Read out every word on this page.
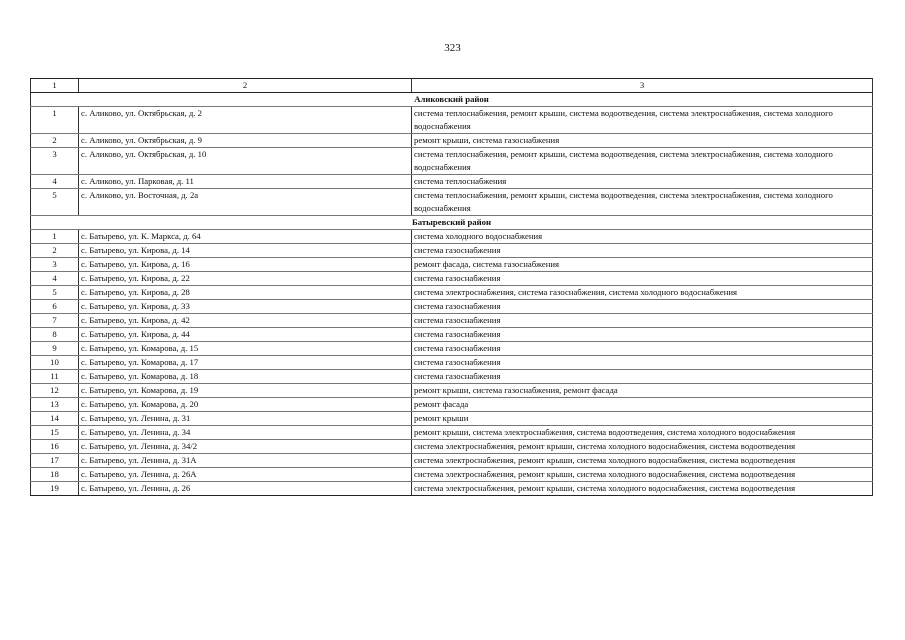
323
1	2	3
Аликовский район		
1	с. Аликово, ул. Октябрьская, д. 2	система теплоснабжения, ремонт крыши, система водоотведения, система электроснабжения, система холодного водоснабжения
2	с. Аликово, ул. Октябрьская, д. 9	ремонт крыши, система газоснабжения
3	с. Аликово, ул. Октябрьская, д. 10	система теплоснабжения, ремонт крыши, система водоотведения, система электроснабжения, система холодного водоснабжения
4	с. Аликово, ул. Парковая, д. 11	система теплоснабжения
5	с. Аликово, ул. Восточная, д. 2а	система теплоснабжения, ремонт крыши, система водоотведения, система электроснабжения, система холодного водоснабжения
Батыревский район		
1	с. Батырево, ул. К. Маркса, д. 64	система холодного водоснабжения
2	с. Батырево, ул. Кирова, д. 14	система газоснабжения
3	с. Батырево, ул. Кирова, д. 16	ремонт фасада, система газоснабжения
4	с. Батырево, ул. Кирова, д. 22	система газоснабжения
5	с. Батырево, ул. Кирова, д. 28	система электроснабжения, система газоснабжения, система холодного водоснабжения
6	с. Батырево, ул. Кирова, д. 33	система газоснабжения
7	с. Батырево, ул. Кирова, д. 42	система газоснабжения
8	с. Батырево, ул. Кирова, д. 44	система газоснабжения
9	с. Батырево, ул. Комарова, д. 15	система газоснабжения
10	с. Батырево, ул. Комарова, д. 17	система газоснабжения
11	с. Батырево, ул. Комарова, д. 18	система газоснабжения
12	с. Батырево, ул. Комарова, д. 19	ремонт крыши, система газоснабжения, ремонт фасада
13	с. Батырево, ул. Комарова, д. 20	ремонт фасада
14	с. Батырево, ул. Ленина, д. 31	ремонт крыши
15	с. Батырево, ул. Ленина, д. 34	ремонт крыши, система электроснабжения, система водоотведения, система холодного водоснабжения
16	с. Батырево, ул. Ленина, д. 34/2	система электроснабжения, ремонт крыши, система холодного водоснабжения, система водоотведения
17	с. Батырево, ул. Ленина, д. 31А	система электроснабжения, ремонт крыши, система холодного водоснабжения, система водоотведения
18	с. Батырево, ул. Ленина, д. 26А	система электроснабжения, ремонт крыши, система холодного водоснабжения, система водоотведения
19	с. Батырево, ул. Ленина, д. 26	система электроснабжения, ремонт крыши, система холодного водоснабжения, система водоотведения
